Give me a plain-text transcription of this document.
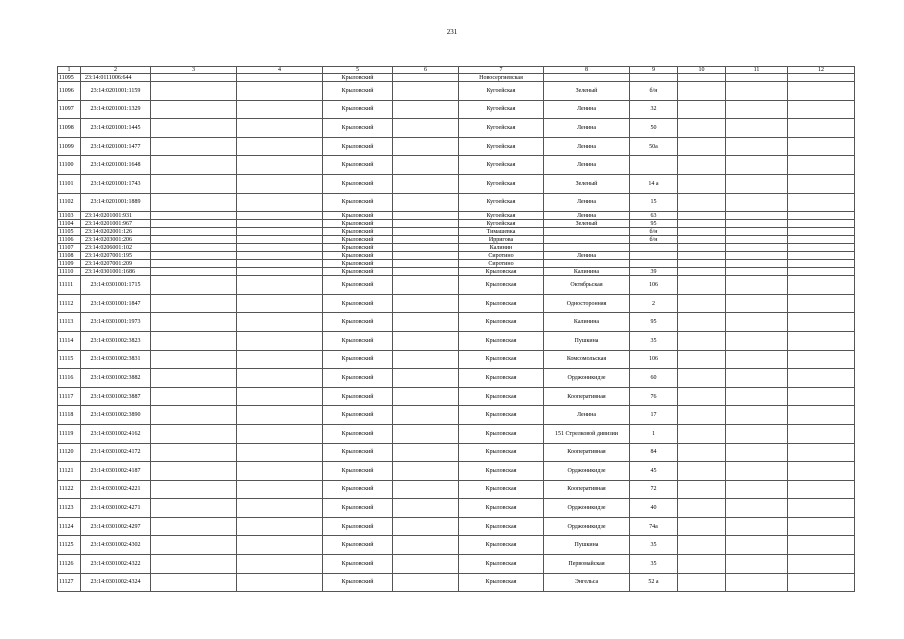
231
1	2	3	4	5	6	7	8	9	10	11	12
11095	23:14:0111006:644			Крыловский		Новосергиевская					
11096	23:14:0201001:1159			Крыловский		Кугоейская	Зеленый	б/н			
11097	23:14:0201001:1329			Крыловский		Кугоейская	Ленина	32			
11098	23:14:0201001:1445			Крыловский		Кугоейская	Ленина	50			
11099	23:14:0201001:1477			Крыловский		Кугоейская	Ленина	50а			
11100	23:14:0201001:1648			Крыловский		Кугоейская	Ленина				
11101	23:14:0201001:1743			Крыловский		Кугоейская	Зеленый	14 а			
11102	23:14:0201001:1889			Крыловский		Кугоейская	Ленина	15			
11103	23:14:0201001:931			Крыловский		Кугоейская	Ленина	63			
11104	23:14:0201001:967			Крыловский		Кугоейская	Зеленый	95			
11105	23:14:0202001:126			Крыловский		Тимашевка		б/н			
11106	23:14:0203001:206			Крыловский		Ирригова		б/н			
11107	23:14:0206001:102			Крыловский		Калинин					
11108	23:14:0207001:195			Крыловский		Сиротино	Ленина				
11109	23:14:0207001:209			Крыловский		Сиротино					
11110	23:14:0301001:1686			Крыловский		Крыловская	Калинина	39			
11111	23:14:0301001:1715			Крыловский		Крыловская	Октябрьская	106			
11112	23:14:0301001:1847			Крыловский		Крыловская	Односторонняя	2			
11113	23:14:0301001:1973			Крыловский		Крыловская	Калинина	95			
11114	23:14:0301002:3823			Крыловский		Крыловская	Пушкина	35			
11115	23:14:0301002:3831			Крыловский		Крыловская	Комсомольская	106			
11116	23:14:0301002:3882			Крыловский		Крыловская	Орджоникидзе	60			
11117	23:14:0301002:3887			Крыловский		Крыловская	Кооперативная	76			
11118	23:14:0301002:3890			Крыловский		Крыловская	Ленина	17			
11119	23:14:0301002:4162			Крыловский		Крыловская	151 Стрелковой дивизии	1			
11120	23:14:0301002:4172			Крыловский		Крыловская	Кооперативная	84			
11121	23:14:0301002:4187			Крыловский		Крыловская	Орджоникидзе	45			
11122	23:14:0301002:4221			Крыловский		Крыловская	Кооперативная	72			
11123	23:14:0301002:4271			Крыловский		Крыловская	Орджоникидзе	40			
11124	23:14:0301002:4297			Крыловский		Крыловская	Орджоникидзе	74а			
11125	23:14:0301002:4302			Крыловский		Крыловская	Пушкина	35			
11126	23:14:0301002:4322			Крыловский		Крыловская	Первомайская	35			
11127	23:14:0301002:4324			Крыловский		Крыловская	Энгельса	52 а			
